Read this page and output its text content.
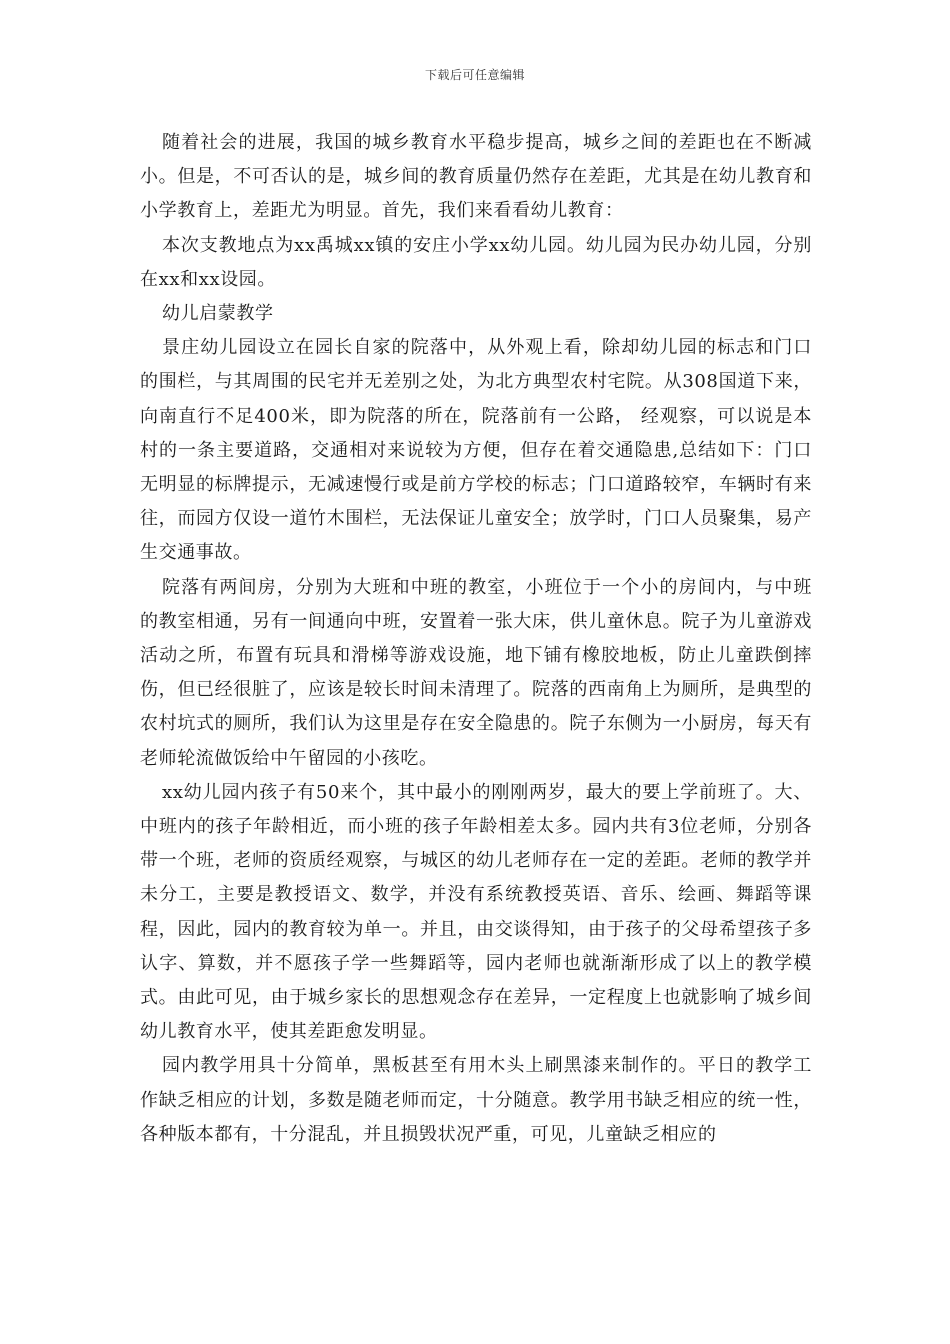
下载后可任意编辑

随着社会的进展，我国的城乡教育水平稳步提高，城乡之间的差距也在不断减小。但是，不可否认的是，城乡间的教育质量仍然存在差距，尤其是在幼儿教育和小学教育上，差距尤为明显。首先，我们来看看幼儿教育：

本次支教地点为xx禹城xx镇的安庄小学xx幼儿园。幼儿园为民办幼儿园，分别在xx和xx设园。

幼儿启蒙教学

景庄幼儿园设立在园长自家的院落中，从外观上看，除却幼儿园的标志和门口的围栏，与其周围的民宅并无差别之处，为北方典型农村宅院。从308国道下来，向南直行不足400米，即为院落的所在，院落前有一公路， 经观察，可以说是本村的一条主要道路，交通相对来说较为方便，但存在着交通隐患,总结如下：门口无明显的标牌提示，无减速慢行或是前方学校的标志；门口道路较窄，车辆时有来往，而园方仅设一道竹木围栏，无法保证儿童安全；放学时，门口人员聚集，易产生交通事故。

院落有两间房，分别为大班和中班的教室，小班位于一个小的房间内，与中班的教室相通，另有一间通向中班，安置着一张大床，供儿童休息。院子为儿童游戏活动之所，布置有玩具和滑梯等游戏设施，地下铺有橡胶地板，防止儿童跌倒摔伤，但已经很脏了，应该是较长时间未清理了。院落的西南角上为厕所，是典型的农村坑式的厕所，我们认为这里是存在安全隐患的。院子东侧为一小厨房，每天有老师轮流做饭给中午留园的小孩吃。

xx幼儿园内孩子有50来个，其中最小的刚刚两岁，最大的要上学前班了。大、中班内的孩子年龄相近，而小班的孩子年龄相差太多。园内共有3位老师，分别各带一个班，老师的资质经观察，与城区的幼儿老师存在一定的差距。老师的教学并未分工，主要是教授语文、数学，并没有系统教授英语、音乐、绘画、舞蹈等课程，因此，园内的教育较为单一。并且，由交谈得知，由于孩子的父母希望孩子多认字、算数，并不愿孩子学一些舞蹈等，园内老师也就渐渐形成了以上的教学模式。由此可见，由于城乡家长的思想观念存在差异，一定程度上也就影响了城乡间幼儿教育水平，使其差距愈发明显。

园内教学用具十分简单，黑板甚至有用木头上刷黑漆来制作的。平日的教学工作缺乏相应的计划，多数是随老师而定，十分随意。教学用书缺乏相应的统一性，各种版本都有，十分混乱，并且损毁状况严重，可见，儿童缺乏相应的
